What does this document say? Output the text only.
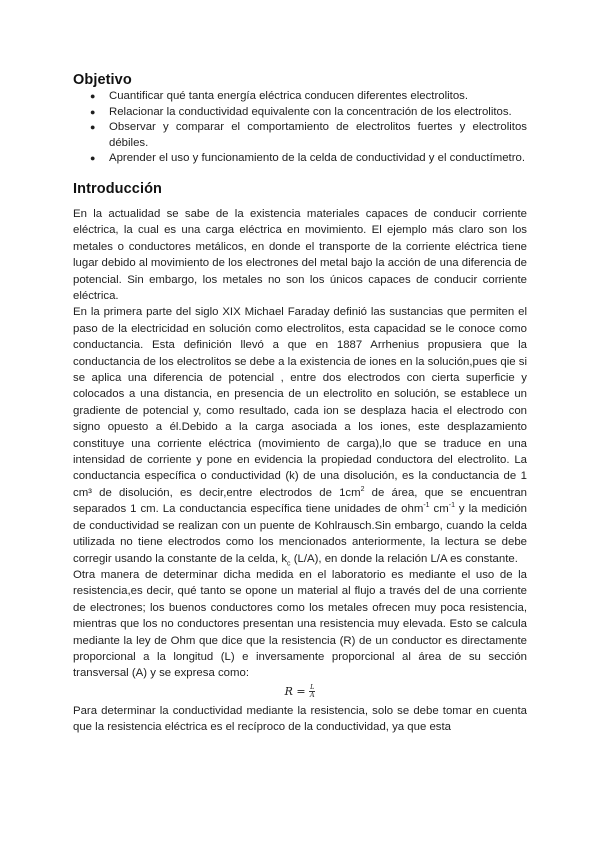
Objetivo
● Cuantificar qué tanta energía eléctrica conducen diferentes electrolitos.
● Relacionar la conductividad equivalente con la concentración de los electrolitos.
● Observar y comparar el comportamiento de electrolitos fuertes y electrolitos débiles.
● Aprender el uso y funcionamiento de la celda de conductividad y el conductímetro.
Introducción

En la actualidad se sabe de la existencia materiales capaces de conducir corriente eléctrica, la cual es una carga eléctrica en movimiento. El ejemplo más claro son los metales o conductores metálicos, en donde el transporte de la corriente eléctrica tiene lugar debido al movimiento de los electrones del metal bajo la acción de una diferencia de potencial. Sin embargo, los metales no son los únicos capaces de conducir corriente eléctrica.

En la primera parte del siglo XIX Michael Faraday definió las sustancias que permiten el paso de la electricidad en solución como electrolitos, esta capacidad se le conoce como conductancia. Esta definición llevó a que en 1887 Arrhenius propusiera que la conductancia de los electrolitos se debe a la existencia de iones en la solución,pues qie si se aplica una diferencia de potencial , entre dos electrodos con cierta superficie y colocados a una distancia, en presencia de un electrolito en solución, se establece un gradiente de potencial y, como resultado, cada ion se desplaza hacia el electrodo con signo opuesto a él.Debido a la carga asociada a los iones, este desplazamiento constituye una corriente eléctrica (movimiento de carga),lo que se traduce en una intensidad de corriente y pone en evidencia la propiedad conductora del electrolito. La conductancia específica o conductividad (k) de una disolución, es la conductancia de 1 cm³ de disolución, es decir,entre electrodos de $1cm^2$ de área, que se encuentran separados 1 cm. La conductancia específica tiene unidades de ohm$^{-1}$ $cm^{-1}$ y la medición de conductividad se realizan con un puente de Kohlrausch.Sin embargo, cuando la celda utilizada no tiene electrodos como los mencionados anteriormente, la lectura se debe corregir usando la constante de la celda, $k_c$ (L/A), en donde la relación L/A es constante.

Otra manera de determinar dicha medida en el laboratorio es mediante el uso de la resistencia,es decir, qué tanto se opone un material al flujo a través del de una corriente de electrones; los buenos conductores como los metales ofrecen muy poca resistencia, mientras que los no conductores presentan una resistencia muy elevada. Esto se calcula mediante la ley de Ohm que dice que la resistencia (R) de un conductor es directamente proporcional a la longitud (L) e inversamente proporcional al área de su sección transversal (A) y se expresa como:

$R = \frac{L}{A}$

Para determinar la conductividad mediante la resistencia, solo se debe tomar en cuenta que la resistencia eléctrica es el recíproco de la conductividad, ya que esta
